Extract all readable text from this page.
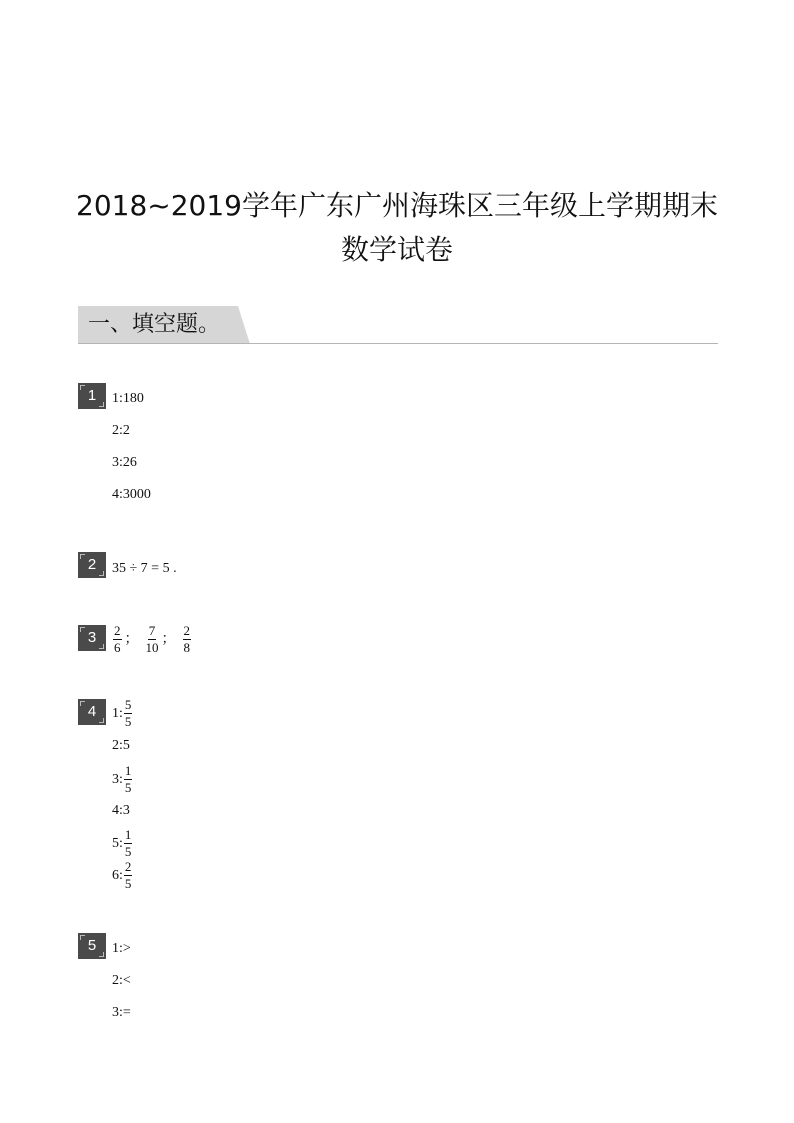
2018~2019学年广东广州海珠区三年级上学期期末
数学试卷
一、填空题。
1	1:180
2:2
3:26
4:3000
2	35 ÷ 7 = 5 .
3	$\frac{2}{6}$ ； $\frac{7}{10}$ ； $\frac{2}{8}$
4	1: $\frac{5}{5}$
2: 5
3: $\frac{1}{5}$
4: 3
5: $\frac{1}{5}$
6: $\frac{2}{5}$
5	1:>
2:<
3:=
